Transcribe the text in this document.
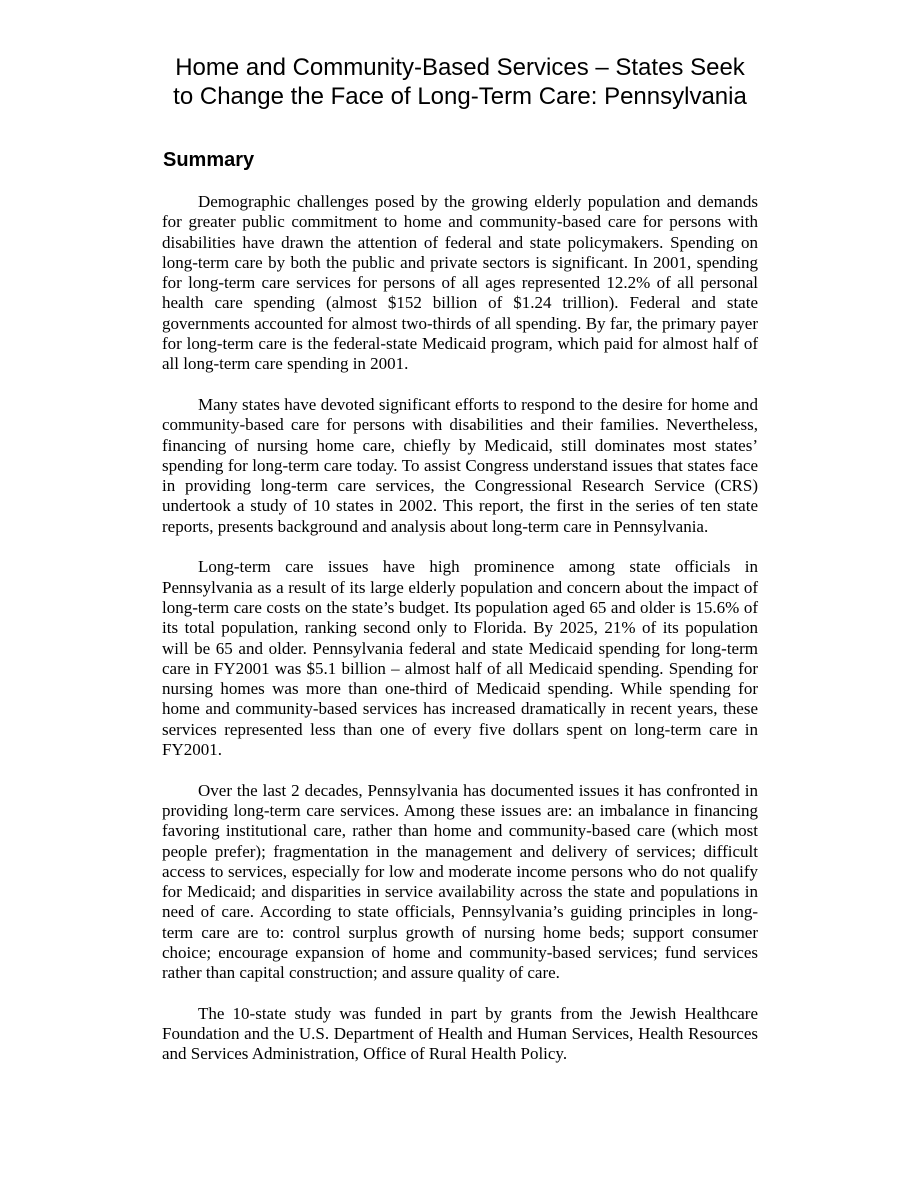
Home and Community-Based Services – States Seek
to Change the Face of Long-Term Care: Pennsylvania
Summary

Demographic challenges posed by the growing elderly population and demands for greater public commitment to home and community-based care for persons with disabilities have drawn the attention of federal and state policymakers. Spending on long-term care by both the public and private sectors is significant. In 2001, spending for long-term care services for persons of all ages represented 12.2% of all personal health care spending (almost $152 billion of $1.24 trillion). Federal and state governments accounted for almost two-thirds of all spending. By far, the primary payer for long-term care is the federal-state Medicaid program, which paid for almost half of all long-term care spending in 2001.

Many states have devoted significant efforts to respond to the desire for home and community-based care for persons with disabilities and their families. Nevertheless, financing of nursing home care, chiefly by Medicaid, still dominates most states’ spending for long-term care today. To assist Congress understand issues that states face in providing long-term care services, the Congressional Research Service (CRS) undertook a study of 10 states in 2002. This report, the first in the series of ten state reports, presents background and analysis about long-term care in Pennsylvania.

Long-term care issues have high prominence among state officials in Pennsylvania as a result of its large elderly population and concern about the impact of long-term care costs on the state’s budget. Its population aged 65 and older is 15.6% of its total population, ranking second only to Florida. By 2025, 21% of its population will be 65 and older. Pennsylvania federal and state Medicaid spending for long-term care in FY2001 was $5.1 billion – almost half of all Medicaid spending. Spending for nursing homes was more than one-third of Medicaid spending. While spending for home and community-based services has increased dramatically in recent years, these services represented less than one of every five dollars spent on long-term care in FY2001.

Over the last 2 decades, Pennsylvania has documented issues it has confronted in providing long-term care services. Among these issues are: an imbalance in financing favoring institutional care, rather than home and community-based care (which most people prefer); fragmentation in the management and delivery of services; difficult access to services, especially for low and moderate income persons who do not qualify for Medicaid; and disparities in service availability across the state and populations in need of care. According to state officials, Pennsylvania’s guiding principles in long-term care are to: control surplus growth of nursing home beds; support consumer choice; encourage expansion of home and community-based services; fund services rather than capital construction; and assure quality of care.

The 10-state study was funded in part by grants from the Jewish Healthcare Foundation and the U.S. Department of Health and Human Services, Health Resources and Services Administration, Office of Rural Health Policy.
